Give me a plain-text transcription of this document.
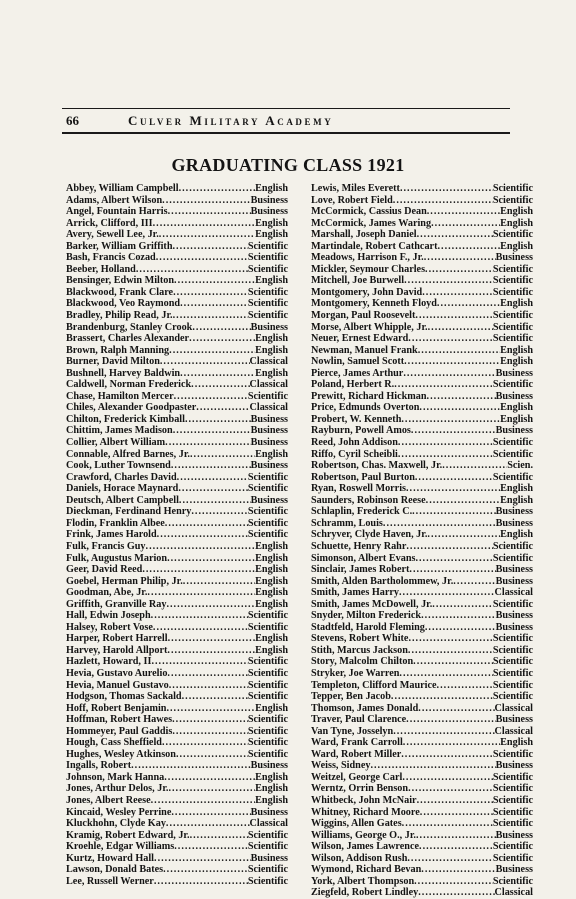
66	Culver Military Academy
GRADUATING CLASS 1921
Abbey, William Campbell .....	English
Adams, Albert Wilson .....	Business
Angel, Fountain Harris .....	Business
Arrick, Clifford, III .....	English
Avery, Sewell Lee, Jr. .....	English
Barker, William Griffith .....	Scientific
Bash, Francis Cozad .....	Scientific
Beeber, Holland .....	Scientific
Bensinger, Edwin Milton .....	English
Blackwood, Frank Clare .....	Scientific
Blackwood, Veo Raymond .....	Scientific
Bradley, Philip Read, Jr. .....	Scientific
Brandenburg, Stanley Crook .....	Business
Brassert, Charles Alexander .....	English
Brown, Ralph Manning .....	English
Burner, David Milton .....	Classical
Bushnell, Harvey Baldwin .....	English
Caldwell, Norman Frederick .....	Classical
Chase, Hamilton Mercer .....	Scientific
Chiles, Alexander Goodpaster .....	Classical
Chilton, Frederick Kimball .....	Business
Chittim, James Madison .....	Business
Collier, Albert William .....	Business
Connable, Alfred Barnes, Jr. .....	English
Cook, Luther Townsend .....	Business
Crawford, Charles David .....	Scientific
Daniels, Horace Maynard .....	Scientific
Deutsch, Albert Campbell .....	Business
Dieckman, Ferdinand Henry .....	Scientific
Flodin, Franklin Albee .....	Scientific
Frink, James Harold .....	Scientific
Fulk, Francis Guy .....	English
Fulk, Augustus Marion .....	English
Geer, David Reed .....	English
Goebel, Herman Philip, Jr. .....	English
Goodman, Abe, Jr. .....	English
Griffith, Granville Ray .....	English
Hall, Edwin Joseph .....	Scientific
Halsey, Robert Vose .....	Scientific
Harper, Robert Harrell .....	English
Harvey, Harold Allport .....	English
Hazlett, Howard, II .....	Scientific
Hevia, Gustavo Aurelio .....	Scientific
Hevia, Manuel Gustavo .....	Scientific
Hodgson, Thomas Sackald .....	Scientific
Hoff, Robert Benjamin .....	English
Hoffman, Robert Hawes .....	Scientific
Hommeyer, Paul Gaddis .....	Scientific
Hough, Cass Sheffield .....	Scientific
Hughes, Wesley Atkinson .....	Scientific
Ingalls, Robert .....	Business
Johnson, Mark Hanna .....	English
Jones, Arthur Delos, Jr. .....	English
Jones, Albert Reese .....	English
Kincaid, Wesley Perrine .....	Business
Kluckhohn, Clyde Kay .....	Classical
Kramig, Robert Edward, Jr. .....	Scientific
Kroehle, Edgar Williams .....	Scientific
Kurtz, Howard Hall .....	Business
Lawson, Donald Bates .....	Scientific
Lee, Russell Werner .....	Scientific
Lewis, Miles Everett .....	Scientific
Love, Robert Field .....	Scientific
McCormick, Cassius Dean .....	English
McCormick, James Waring .....	English
Marshall, Joseph Daniel .....	Scientific
Martindale, Robert Cathcart .....	English
Meadows, Harrison F., Jr. .....	Business
Mickler, Seymour Charles .....	Scientific
Mitchell, Joe Burwell .....	Scientific
Montgomery, John David .....	Scientific
Montgomery, Kenneth Floyd .....	English
Morgan, Paul Roosevelt .....	Scientific
Morse, Albert Whipple, Jr. .....	Scientific
Neuer, Ernest Edward .....	Scientific
Newman, Manuel Frank .....	English
Nowlin, Samuel Scott .....	English
Pierce, James Arthur .....	Business
Poland, Herbert R. .....	Scientific
Prewitt, Richard Hickman .....	Business
Price, Edmunds Overton .....	English
Probert, W. Kenneth .....	English
Rayburn, Powell Amos .....	Business
Reed, John Addison .....	Scientific
Riffo, Cyril Scheibli .....	Scientific
Robertson, Chas. Maxwell, Jr. .....	Scien.
Robertson, Paul Burton .....	Scientific
Ryan, Roswell Morris .....	English
Saunders, Robinson Reese .....	English
Schlaplin, Frederick C. .....	Business
Schramm, Louis .....	Business
Schryver, Clyde Haven, Jr. .....	English
Schuette, Henry Rahr .....	Scientific
Simonson, Albert Evans .....	Scientific
Sinclair, James Robert .....	Business
Smith, Alden Bartholommew, Jr. .....	Business
Smith, James Harry .....	Classical
Smith, James McDowell, Jr. .....	Scientific
Snyder, Milton Frederick .....	Business
Stadtfeld, Harold Fleming .....	Business
Stevens, Robert White .....	Scientific
Stith, Marcus Jackson .....	Scientific
Story, Malcolm Chilton .....	Scientific
Stryker, Joe Warren .....	Scientific
Templeton, Clifford Maurice .....	Scientific
Tepper, Ben Jacob .....	Scientific
Thomson, James Donald .....	Classical
Traver, Paul Clarence .....	Business
Van Tyne, Josselyn .....	Classical
Ward, Frank Carroll .....	English
Ward, Robert Miller .....	Scientific
Weiss, Sidney .....	Business
Weitzel, George Carl .....	Scientific
Werntz, Orrin Benson .....	Scientific
Whitbeck, John McNair .....	Scientific
Whitney, Richard Moore .....	Scientific
Wiggins, Allen Gates .....	Scientific
Williams, George O., Jr. .....	Business
Wilson, James Lawrence .....	Scientific
Wilson, Addison Rush .....	Scientific
Wymond, Richard Bevan .....	Business
York, Albert Thompson .....	Scientific
Ziegfeld, Robert Lindley .....	Classical
